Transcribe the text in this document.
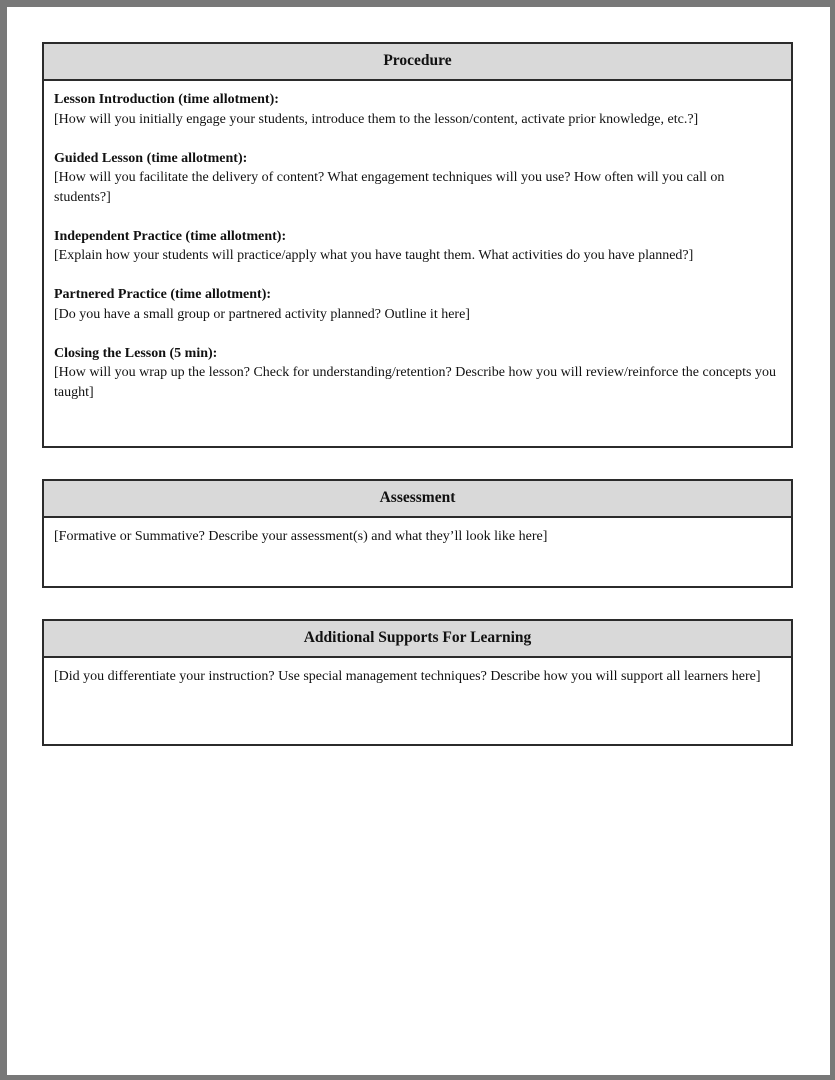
Procedure

Lesson Introduction (time allotment):

[How will you initially engage your students, introduce them to the lesson/content, activate prior knowledge, etc.?]

Guided Lesson (time allotment):

[How will you facilitate the delivery of content? What engagement techniques will you use? How often will you call on students?]

Independent Practice (time allotment):

[Explain how your students will practice/apply what you have taught them. What activities do you have planned?]

Partnered Practice (time allotment):

[Do you have a small group or partnered activity planned? Outline it here]

Closing the Lesson (5 min):

[How will you wrap up the lesson? Check for understanding/retention? Describe how you will review/reinforce the concepts you taught]

Assessment

[Formative or Summative? Describe your assessment(s) and what they’ll look like here]

Additional Supports For Learning

[Did you differentiate your instruction? Use special management techniques? Describe how you will support all learners here]
